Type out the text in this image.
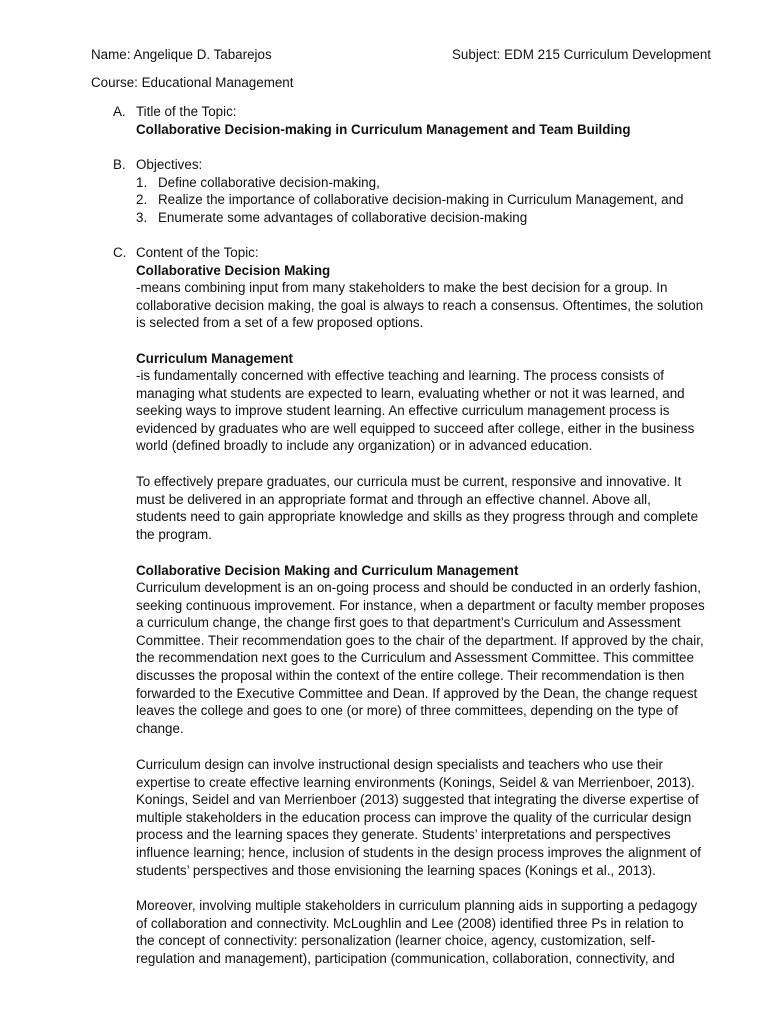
Name: Angelique D. Tabarejos	Subject: EDM 215 Curriculum Development
Course: Educational Management
A. Title of the Topic:
Collaborative Decision-making in Curriculum Management and Team Building
B. Objectives:
1. Define collaborative decision-making,
2. Realize the importance of collaborative decision-making in Curriculum Management, and
3. Enumerate some advantages of collaborative decision-making
C. Content of the Topic:
Collaborative Decision Making
-means combining input from many stakeholders to make the best decision for a group. In
collaborative decision making, the goal is always to reach a consensus. Oftentimes, the solution
is selected from a set of a few proposed options.
Curriculum Management
-is fundamentally concerned with effective teaching and learning. The process consists of
managing what students are expected to learn, evaluating whether or not it was learned, and
seeking ways to improve student learning. An effective curriculum management process is
evidenced by graduates who are well equipped to succeed after college, either in the business
world (defined broadly to include any organization) or in advanced education.
To effectively prepare graduates, our curricula must be current, responsive and innovative. It
must be delivered in an appropriate format and through an effective channel. Above all,
students need to gain appropriate knowledge and skills as they progress through and complete
the program.
Collaborative Decision Making and Curriculum Management
Curriculum development is an on-going process and should be conducted in an orderly fashion,
seeking continuous improvement. For instance, when a department or faculty member proposes
a curriculum change, the change first goes to that department’s Curriculum and Assessment
Committee. Their recommendation goes to the chair of the department. If approved by the chair,
the recommendation next goes to the Curriculum and Assessment Committee. This committee
discusses the proposal within the context of the entire college. Their recommendation is then
forwarded to the Executive Committee and Dean. If approved by the Dean, the change request
leaves the college and goes to one (or more) of three committees, depending on the type of
change.
Curriculum design can involve instructional design specialists and teachers who use their
expertise to create effective learning environments (Konings, Seidel & van Merrienboer, 2013).
Konings, Seidel and van Merrienboer (2013) suggested that integrating the diverse expertise of
multiple stakeholders in the education process can improve the quality of the curricular design
process and the learning spaces they generate. Students’ interpretations and perspectives
influence learning; hence, inclusion of students in the design process improves the alignment of
students’ perspectives and those envisioning the learning spaces (Konings et al., 2013).
Moreover, involving multiple stakeholders in curriculum planning aids in supporting a pedagogy
of collaboration and connectivity. McLoughlin and Lee (2008) identified three Ps in relation to
the concept of connectivity: personalization (learner choice, agency, customization, self-
regulation and management), participation (communication, collaboration, connectivity, and
